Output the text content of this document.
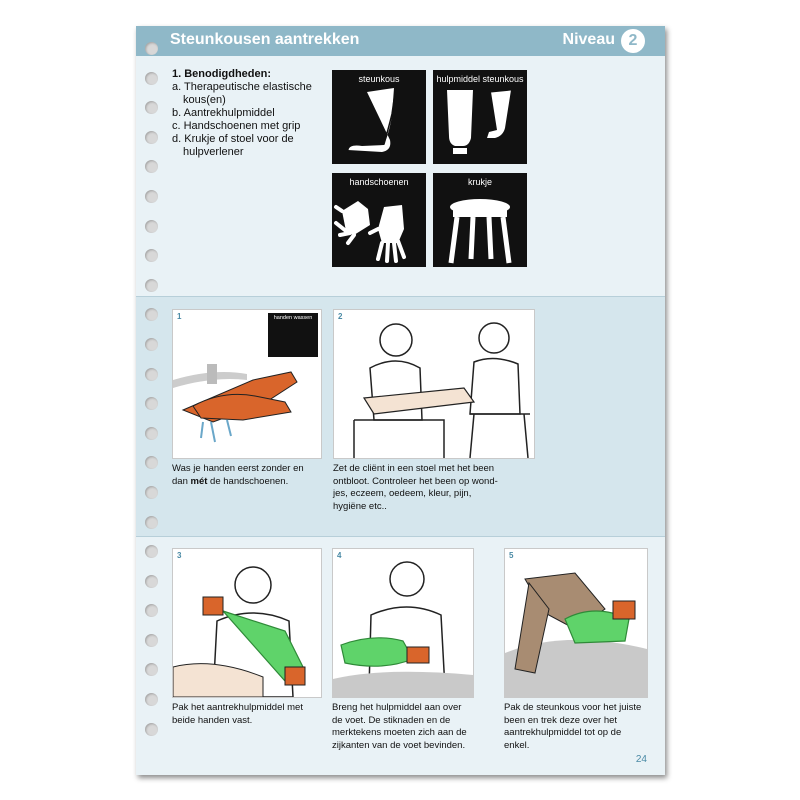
Steunkousen aantrekken	Niveau 2
1. Benodigdheden:
a. Therapeutische elastische kous(en)
b. Aantrekhulpmiddel
c. Handschoenen met grip
d. Krukje of stoel voor de hulpverlener
steunkous	hulpmiddel steunkous
handschoenen	krukje
handen wassen
1
Was je handen eerst zonder en dan mét de handschoenen.
2
Zet de cliënt in een stoel met het been ontbloot. Controleer het been op wond-jes, eczeem, oedeem, kleur, pijn, hygiëne etc..
3
Pak het aantrekhulpmiddel met beide handen vast.
4
Breng het hulpmiddel aan over de voet. De stiknaden en de merktekens moeten zich aan de zijkanten van de voet bevinden.
5
Pak de steunkous voor het juiste been en trek deze over het aantrekhulpmiddel tot op de enkel.
24
